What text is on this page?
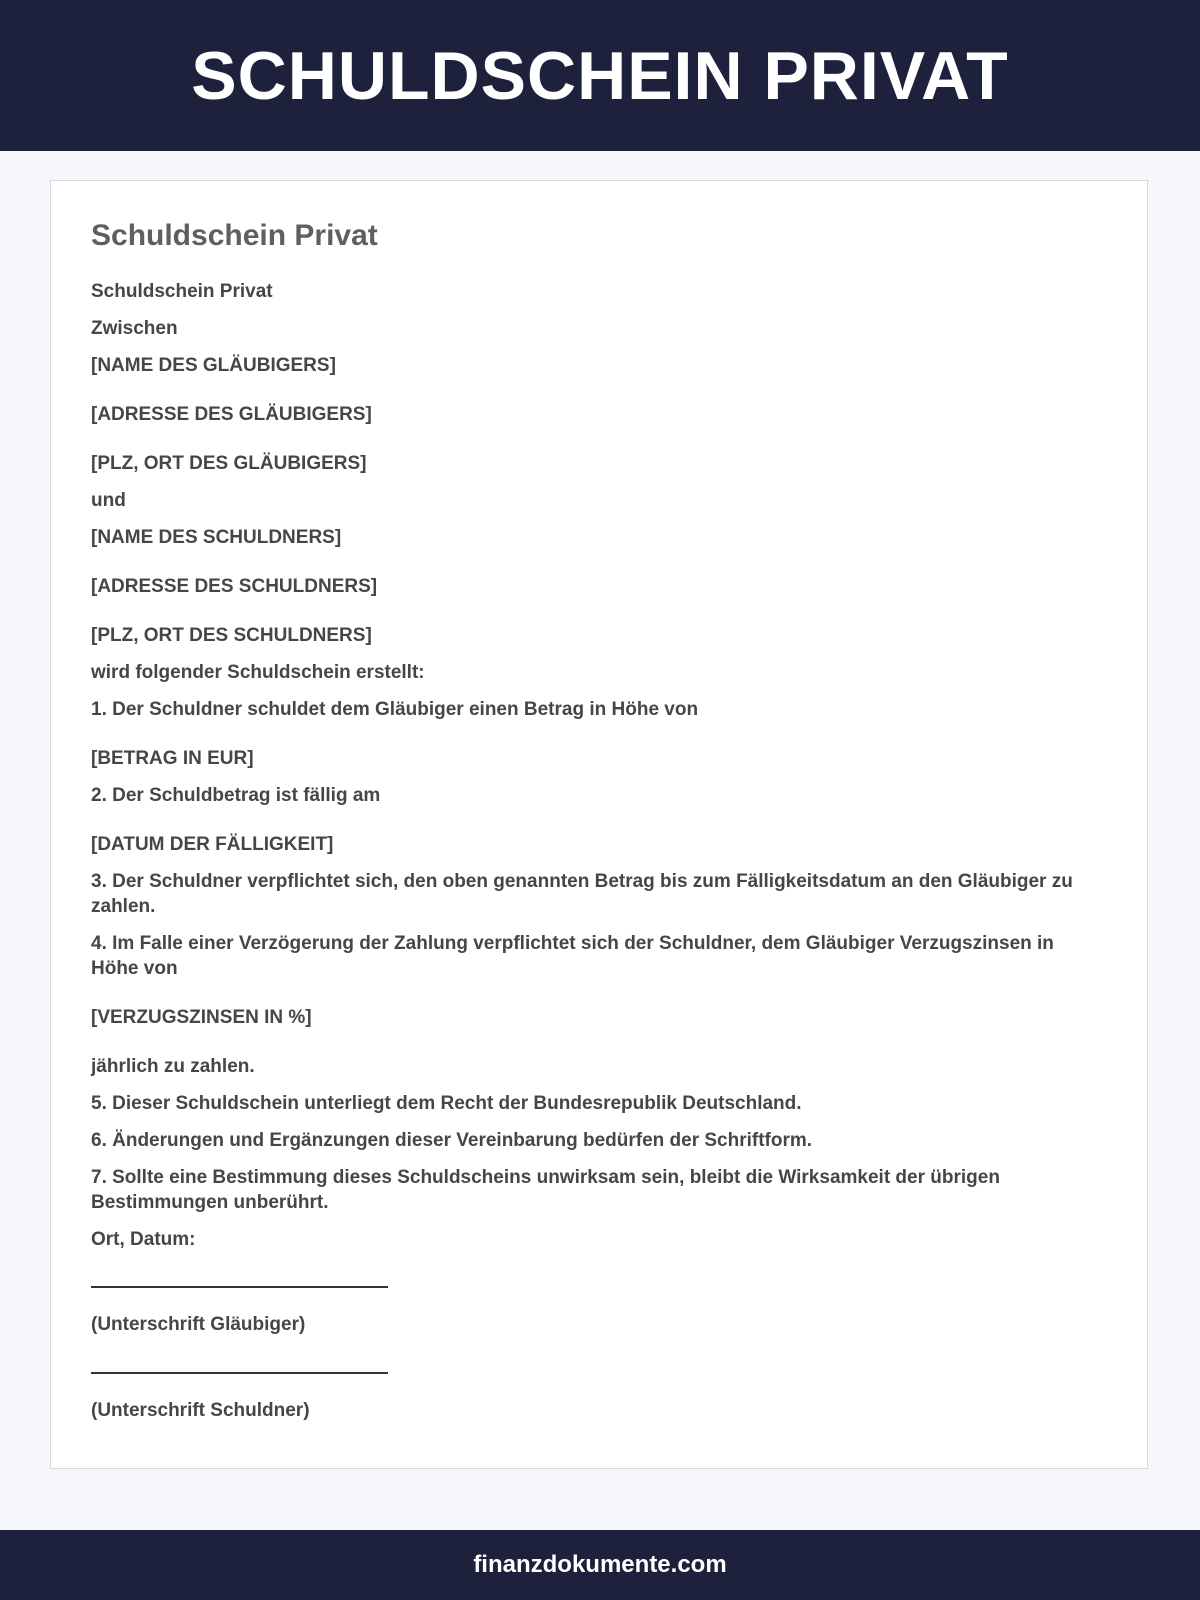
SCHULDSCHEIN PRIVAT
Schuldschein Privat
Schuldschein Privat
Zwischen
[NAME DES GLÄUBIGERS]
[ADRESSE DES GLÄUBIGERS]
[PLZ, ORT DES GLÄUBIGERS]
und
[NAME DES SCHULDNERS]
[ADRESSE DES SCHULDNERS]
[PLZ, ORT DES SCHULDNERS]
wird folgender Schuldschein erstellt:
1. Der Schuldner schuldet dem Gläubiger einen Betrag in Höhe von
[BETRAG IN EUR]
2. Der Schuldbetrag ist fällig am
[DATUM DER FÄLLIGKEIT]
3. Der Schuldner verpflichtet sich, den oben genannten Betrag bis zum Fälligkeitsdatum an den Gläubiger zu zahlen.
4. Im Falle einer Verzögerung der Zahlung verpflichtet sich der Schuldner, dem Gläubiger Verzugszinsen in Höhe von
[VERZUGSZINSEN IN %]
jährlich zu zahlen.
5. Dieser Schuldschein unterliegt dem Recht der Bundesrepublik Deutschland.
6. Änderungen und Ergänzungen dieser Vereinbarung bedürfen der Schriftform.
7. Sollte eine Bestimmung dieses Schuldscheins unwirksam sein, bleibt die Wirksamkeit der übrigen Bestimmungen unberührt.
Ort, Datum:
(Unterschrift Gläubiger)
(Unterschrift Schuldner)
finanzdokumente.com
